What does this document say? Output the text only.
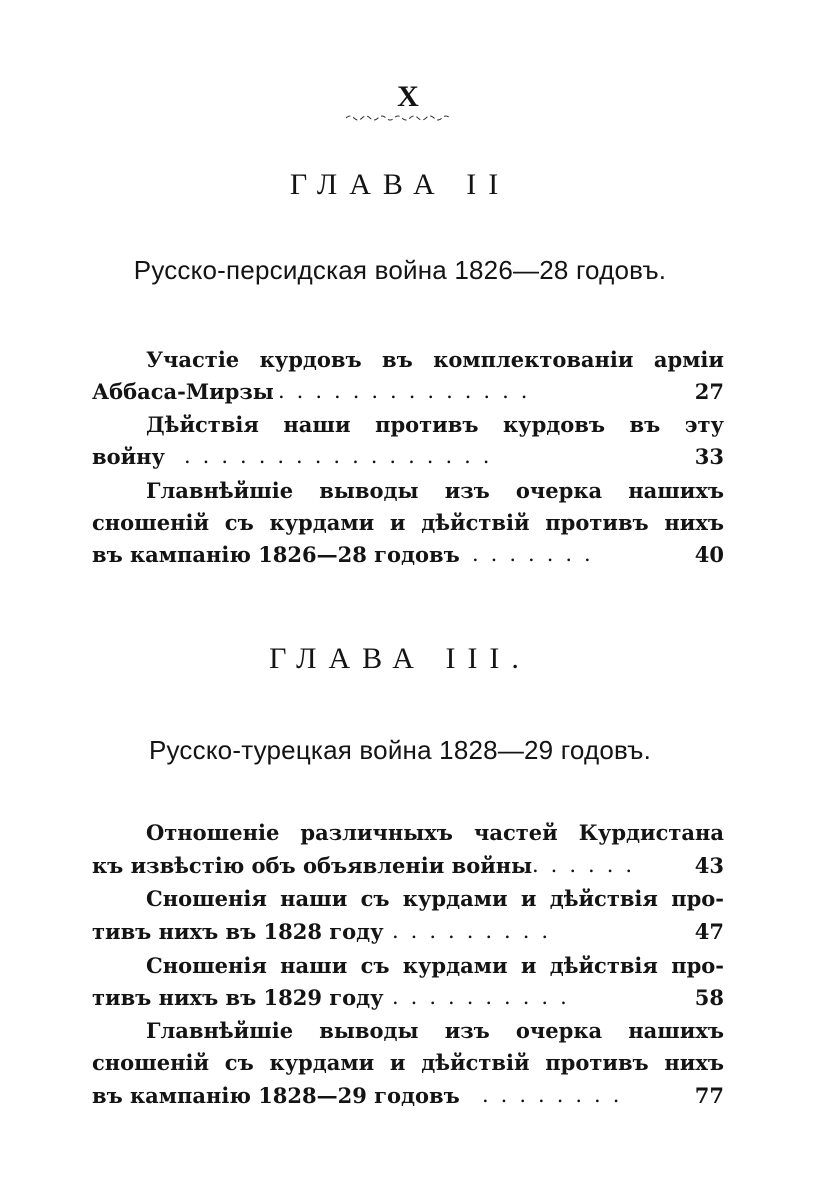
X
ГЛАВА II
Русско-персидская война 1826—28 годовъ.
Участіе курдовъ въ комплектованіи арміи
Аббаса-Мирзы ..............	27
Дѣйствія наши противъ курдовъ въ эту
войну .................	33
Главнѣйшіе выводы изъ очерка нашихъ
сношеній съ курдами и дѣйствій противъ нихъ
въ кампанію 1826—28 годовъ .......	40
ГЛАВА III.
Русско-турецкая война 1828—29 годовъ.
Отношеніе различныхъ частей Курдистана
къ извѣстію объ объявленіи войны ...... 43
Сношенія наши съ курдами и дѣйствія про-
тивъ нихъ въ 1828 году .........	47
Сношенія наши съ курдами и дѣйствія про-
тивъ нихъ въ 1829 году ..........	58
Главнѣйшіе выводы изъ очерка нашихъ
сношеній съ курдами и дѣйствій противъ нихъ
въ кампанію 1828—29 годовъ ........	77
